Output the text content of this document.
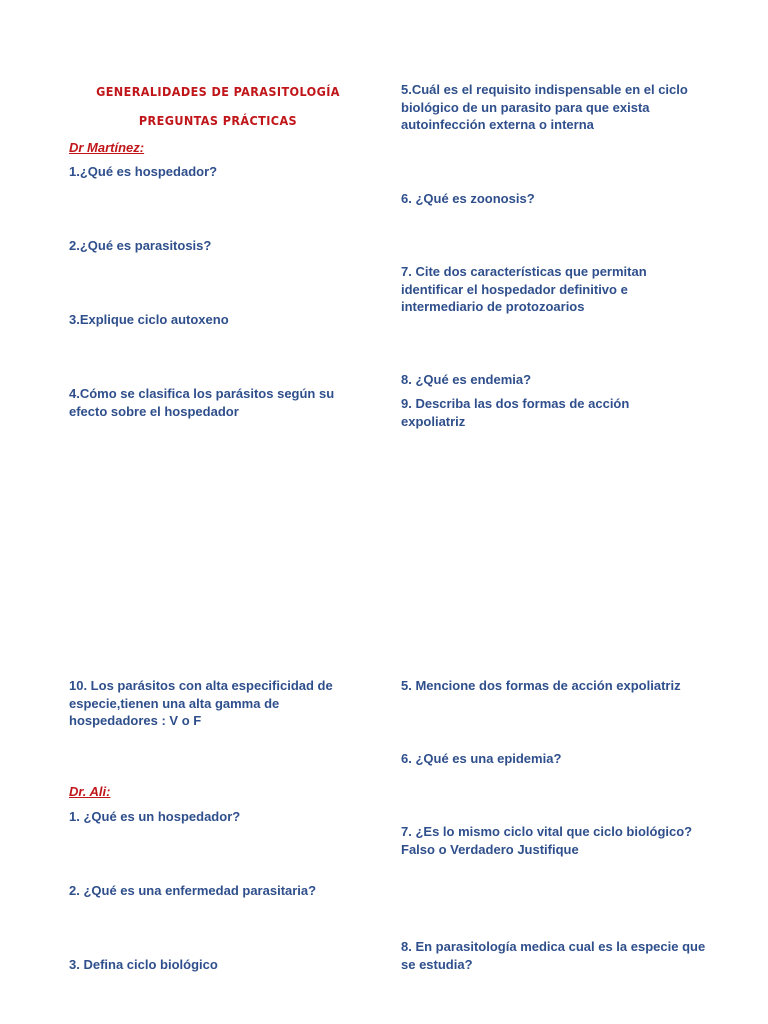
GENERALIDADES DE PARASITOLOGÍA
PREGUNTAS PRÁCTICAS
Dr Martínez:
1.¿Qué es hospedador?
2.¿Qué es parasitosis?
3.Explique ciclo autoxeno
4.Cómo se clasifica los parásitos según su efecto sobre el hospedador
5.Cuál es el requisito indispensable en el ciclo biológico de un parasito para que exista autoinfección externa o interna
6. ¿Qué es zoonosis?
7. Cite dos características que permitan identificar el hospedador definitivo e intermediario de protozoarios
8. ¿Qué es endemia?
9. Describa las dos formas de acción expoliatriz
10. Los parásitos con alta especificidad de especie,tienen una alta gamma de hospedadores : V o F
Dr. Ali:
1. ¿Qué es un hospedador?
2. ¿Qué es una enfermedad parasitaria?
3. Defina ciclo biológico
5. Mencione dos formas de acción expoliatriz
6. ¿Qué es una epidemia?
7. ¿Es lo mismo ciclo vital que ciclo biológico? Falso o Verdadero Justifique
8. En parasitología medica cual es la especie que se estudia?
